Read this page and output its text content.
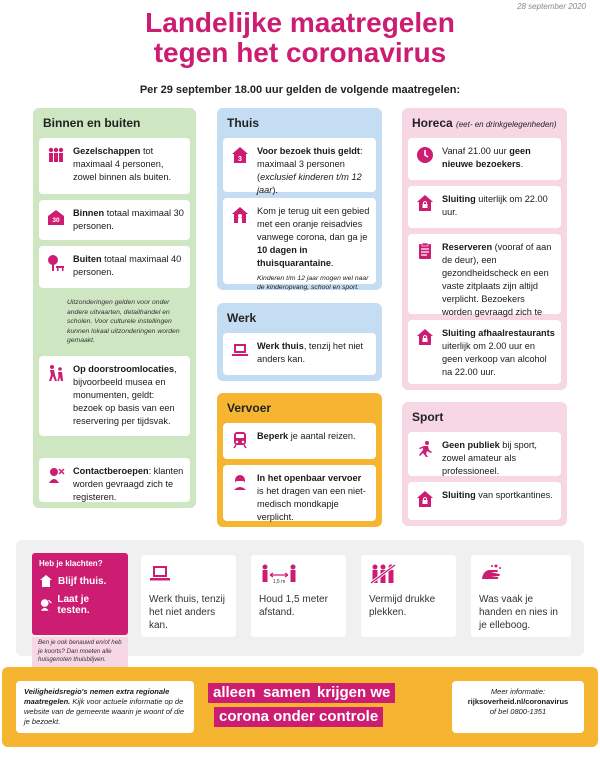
28 september 2020
Landelijke maatregelen
tegen het coronavirus
Per 29 september 18.00 uur gelden de volgende maatregelen:
Binnen en buiten
Gezelschappen tot maximaal 4 personen, zowel binnen als buiten.
30
Binnen totaal maximaal 30 personen.
Buiten totaal maximaal 40 personen.
Uitzonderingen gelden voor onder andere uitvaarten, detailhandel en scholen. Voor culturele instellingen kunnen lokaal uitzonderingen worden gemaakt.
Op doorstroomlocaties, bijvoorbeeld musea en monumenten, geldt: bezoek op basis van een reservering per tijdsvak.
Contactberoepen: klanten worden gevraagd zich te registeren.
Thuis
3
Voor bezoek thuis geldt: maximaal 3 personen (exclusief kinderen t/m 12 jaar).
Kom je terug uit een gebied met een oranje reisadvies vanwege corona, dan ga je 10 dagen in thuisquarantaine.
Kinderen t/m 12 jaar mogen wel naar de kinderopvang, school en sport.
Werk
Werk thuis, tenzij het niet anders kan.
Vervoer
Beperk je aantal reizen.
In het openbaar vervoer is het dragen van een niet-medisch mondkapje verplicht.
Horeca (eet- en drinkgelegenheden)
Vanaf 21.00 uur geen nieuwe bezoekers.
Sluiting uiterlijk om 22.00 uur.
Reserveren (vooraf of aan de deur), een gezondheidscheck en een vaste zitplaats zijn altijd verplicht. Bezoekers worden gevraagd zich te
Sluiting afhaalrestaurants uiterlijk om 2.00 uur en geen verkoop van alcohol na 22.00 uur.
Sport
Geen publiek bij sport, zowel amateur als professioneel.
Sluiting van sportkantines.
Heb je klachten?
Blijf thuis.
Laat je testen.
Ben je ook benauwd en/of heb je koorts? Dan moeten alle huisgenoten thuisblijven.
Werk thuis, tenzij het niet anders kan.
1,5 m
Houd 1,5 meter afstand.
Vermijd drukke plekken.
Was vaak je handen en nies in je elleboog.
Veiligheidsregio's nemen extra regionale maatregelen. Kijk voor actuele informatie op de website van de gemeente waarin je woont of die je bezoekt.
alleen samen krijgen we
corona onder controle
Meer informatie:
rijksoverheid.nl/coronavirus
of bel 0800-1351
